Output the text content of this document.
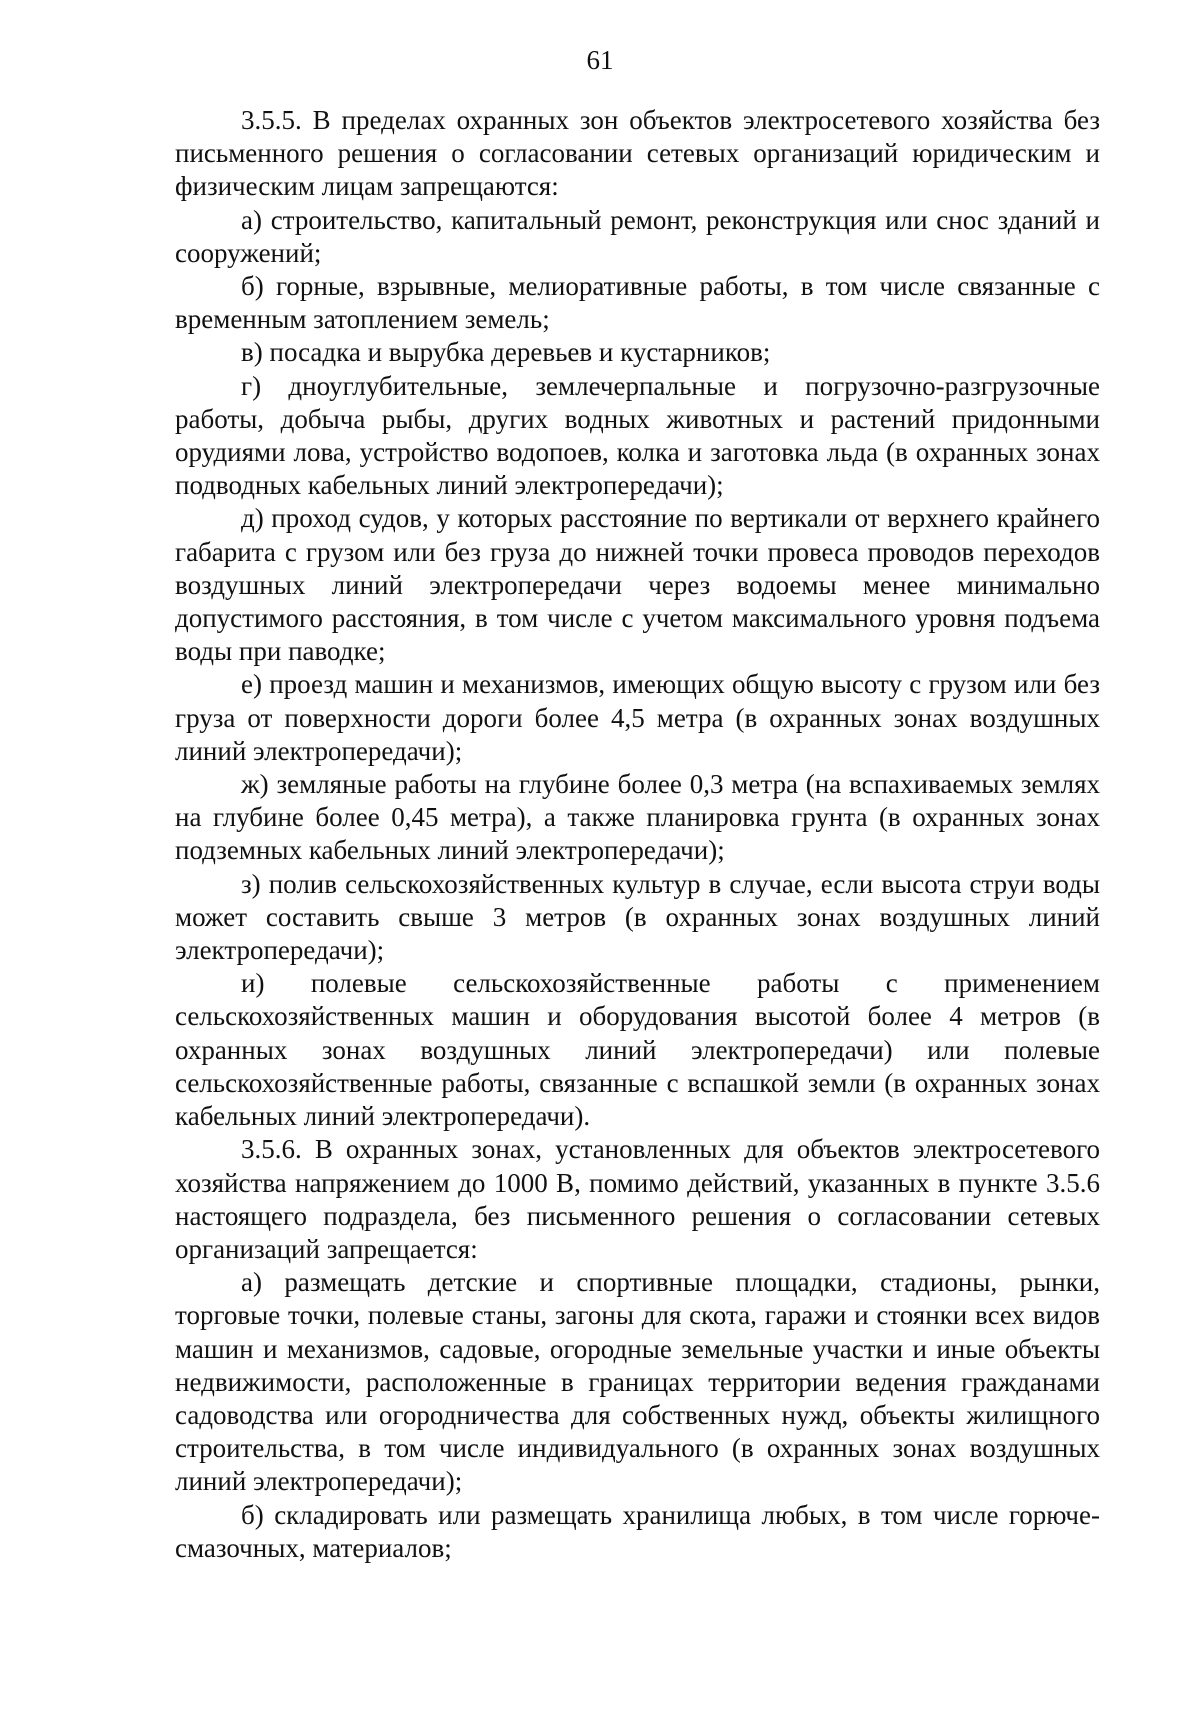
61

3.5.5. В пределах охранных зон объектов электросетевого хозяйства без письменного решения о согласовании сетевых организаций юридическим и физическим лицам запрещаются:

а) строительство, капитальный ремонт, реконструкция или снос зданий и сооружений;

б) горные, взрывные, мелиоративные работы, в том числе связанные с временным затоплением земель;

в) посадка и вырубка деревьев и кустарников;

г) дноуглубительные, землечерпальные и погрузочно-разгрузочные работы, добыча рыбы, других водных животных и растений придонными орудиями лова, устройство водопоев, колка и заготовка льда (в охранных зонах подводных кабельных линий электропередачи);

д) проход судов, у которых расстояние по вертикали от верхнего крайнего габарита с грузом или без груза до нижней точки провеса проводов переходов воздушных линий электропередачи через водоемы менее минимально допустимого расстояния, в том числе с учетом максимального уровня подъема воды при паводке;

е) проезд машин и механизмов, имеющих общую высоту с грузом или без груза от поверхности дороги более 4,5 метра (в охранных зонах воздушных линий электропередачи);

ж) земляные работы на глубине более 0,3 метра (на вспахиваемых землях на глубине более 0,45 метра), а также планировка грунта (в охранных зонах подземных кабельных линий электропередачи);

з) полив сельскохозяйственных культур в случае, если высота струи воды может составить свыше 3 метров (в охранных зонах воздушных линий электропередачи);

и) полевые сельскохозяйственные работы с применением сельскохозяйственных машин и оборудования высотой более 4 метров (в охранных зонах воздушных линий электропередачи) или полевые сельскохозяйственные работы, связанные с вспашкой земли (в охранных зонах кабельных линий электропередачи).

3.5.6. В охранных зонах, установленных для объектов электросетевого хозяйства напряжением до 1000 В, помимо действий, указанных в пункте 3.5.6 настоящего подраздела, без письменного решения о согласовании сетевых организаций запрещается:

а) размещать детские и спортивные площадки, стадионы, рынки, торговые точки, полевые станы, загоны для скота, гаражи и стоянки всех видов машин и механизмов, садовые, огородные земельные участки и иные объекты недвижимости, расположенные в границах территории ведения гражданами садоводства или огородничества для собственных нужд, объекты жилищного строительства, в том числе индивидуального (в охранных зонах воздушных линий электропередачи);

б) складировать или размещать хранилища любых, в том числе горюче-смазочных, материалов;
